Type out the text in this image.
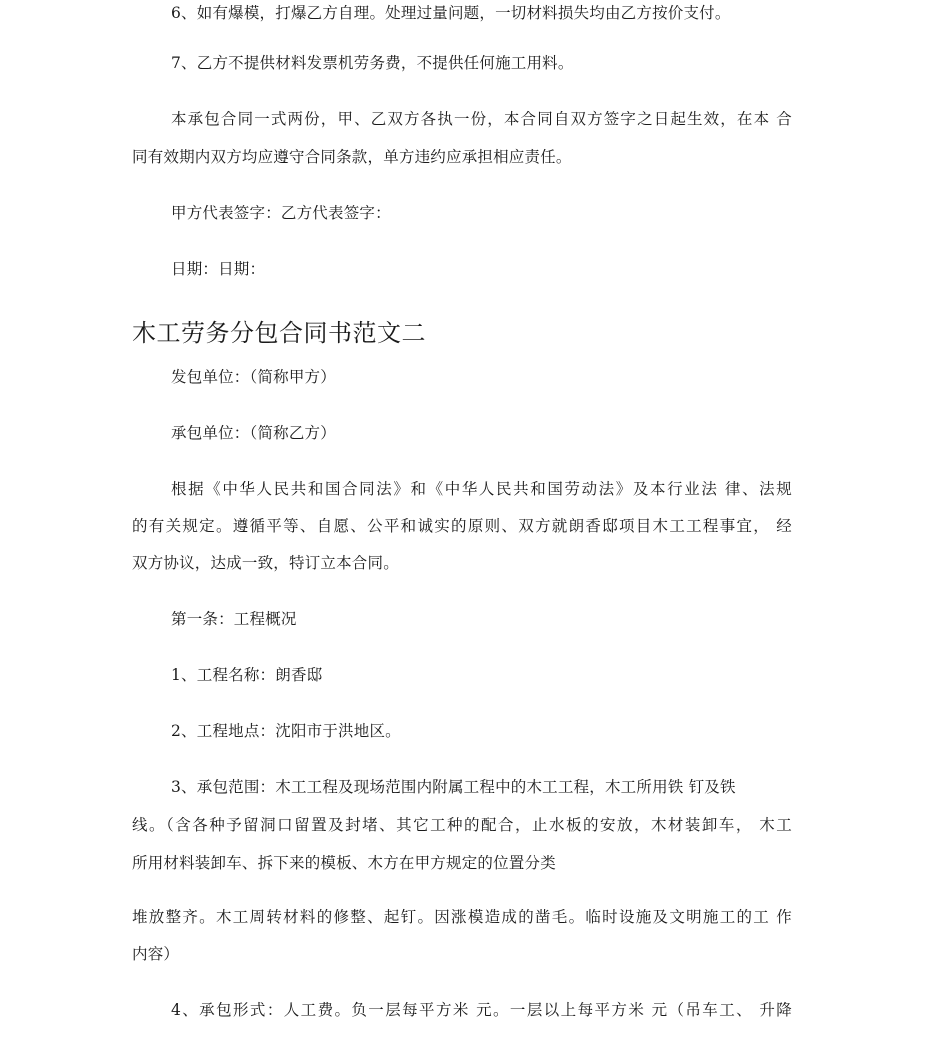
6、如有爆模，打爆乙方自理。处理过量问题，一切材料损失均由乙方按价支付。
7、乙方不提供材料发票机劳务费，不提供任何施工用料。
本承包合同一式两份，甲、乙双方各执一份，本合同自双方签字之日起生效，在本 合
同有效期内双方均应遵守合同条款，单方违约应承担相应责任。
甲方代表签字：乙方代表签字：
日期：日期：
木工劳务分包合同书范文二
发包单位：（简称甲方）
承包单位：（简称乙方）
根据《中华人民共和国合同法》和《中华人民共和国劳动法》及本行业法 律、法规
的有关规定。遵循平等、自愿、公平和诚实的原则、双方就朗香邸项目木工工程事宜， 经
双方协议，达成一致，特订立本合同。
第一条：工程概况
1、工程名称：朗香邸
2、工程地点：沈阳市于洪地区。
3、承包范围：木工工程及现场范围内附属工程中的木工工程，木工所用铁 钉及铁
线。（含各种予留洞口留置及封堵、其它工种的配合，止水板的安放，木材装卸车， 木工
所用材料装卸车、拆下来的模板、木方在甲方规定的位置分类
堆放整齐。木工周转材料的修整、起钉。因涨模造成的凿毛。临时设施及文明施工的工 作
内容）
4、承包形式：人工费。负一层每平方米 元。一层以上每平方米 元（吊车工、 升降
